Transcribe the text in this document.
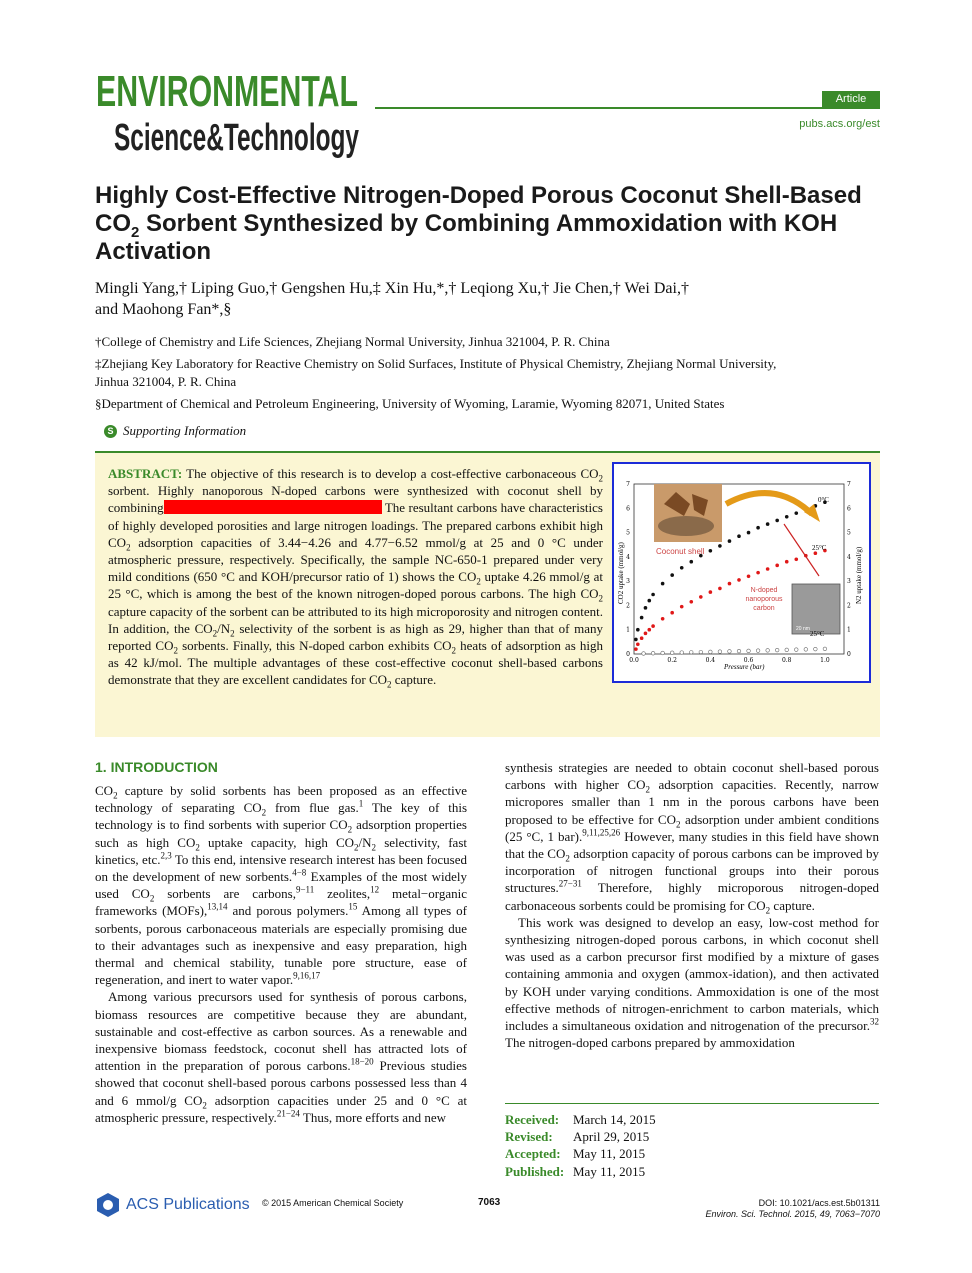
ENVIRONMENTAL
Science&Technology
Article
pubs.acs.org/est
Highly Cost-Effective Nitrogen-Doped Porous Coconut Shell-Based
$CO_2$ Sorbent Synthesized by Combining Ammoxidation with KOH
Activation
Mingli Yang,† Liping Guo,† Gengshen Hu,‡ Xin Hu,*,† Leqiong Xu,† Jie Chen,† Wei Dai,†
and Maohong Fan*,§
†College of Chemistry and Life Sciences, Zhejiang Normal University, Jinhua 321004, P. R. China
‡Zhejiang Key Laboratory for Reactive Chemistry on Solid Surfaces, Institute of Physical Chemistry, Zhejiang Normal University,
Jinhua 321004, P. R. China
§Department of Chemical and Petroleum Engineering, University of Wyoming, Laramie, Wyoming 82071, United States
S Supporting Information
ABSTRACT: The objective of this research is to develop a cost-effective carbonaceous $CO_2$ sorbent. Highly nanoporous N-doped carbons were synthesized with coconut shell by combining	The resultant carbons have characteristics of highly developed porosities and large nitrogen loadings. The prepared carbons exhibit high $CO_2$ adsorption capacities of 3.44−4.26 and 4.77−6.52 mmol/g at 25 and 0 °C under atmospheric pressure, respectively. Specifically, the sample NC-650-1 prepared under very mild conditions (650 °C and KOH/precursor ratio of 1) shows the $CO_2$ uptake 4.26 mmol/g at 25 °C, which is among the best of the known nitrogen-doped porous carbons. The high $CO_2$ capture capacity of the sorbent can be attributed to its high microporosity and nitrogen content. In addition, the $CO_2/N_2$ selectivity of the sorbent is as high as 29, higher than that of many reported $CO_2$ sorbents. Finally, this N-doped carbon exhibits $CO_2$ heats of adsorption as high as 42 kJ/mol. The multiple advantages of these cost-effective coconut shell-based carbons demonstrate that they are excellent candidates for $CO_2$ capture.
0	0
1	1
2	2
3	3
4	4
5	5
6	6
7	7
0.0	0.2	0.4	0.6	0.8	1.0
CO2 uptake (mmol/g)	N2 uptake (mmol/g)
Pressure (bar)
Coconut shell
20 nm
N-doped
nanoporous
carbon
0°C
25°C
25°C
1. INTRODUCTION

$CO_2$ capture by solid sorbents has been proposed as an effective technology of separating $CO_2$ from flue gas.$^1$ The key of this technology is to find sorbents with superior $CO_2$ adsorption properties such as high $CO_2$ uptake capacity, high $CO_2/N_2$ selectivity, fast kinetics, etc.$^{2,3}$ To this end, intensive research interest has been focused on the development of new sorbents.$^{4-8}$ Examples of the most widely used $CO_2$ sorbents are carbons,$^{9-11}$ zeolites,$^{12}$ metal−organic frameworks (MOFs),$^{13,14}$ and porous polymers.$^{15}$ Among all types of sorbents, porous carbonaceous materials are especially promising due to their advantages such as inexpensive and easy preparation, high thermal and chemical stability, tunable pore structure, ease of regeneration, and inert to water vapor.$^{9,16,17}$

Among various precursors used for synthesis of porous carbons, biomass resources are competitive because they are abundant, sustainable and cost-effective as carbon sources. As a renewable and inexpensive biomass feedstock, coconut shell has attracted lots of attention in the preparation of porous carbons.$^{18-20}$ Previous studies showed that coconut shell-based porous carbons possessed less than 4 and 6 mmol/g $CO_2$ adsorption capacities under 25 and 0 °C at atmospheric pressure, respectively.$^{21-24}$ Thus, more efforts and new

synthesis strategies are needed to obtain coconut shell-based porous carbons with higher $CO_2$ adsorption capacities. Recently, narrow micropores smaller than 1 nm in the porous carbons have been proposed to be effective for $CO_2$ adsorption under ambient conditions (25 °C, 1 bar).$^{9,11,25,26}$ However, many studies in this field have shown that the $CO_2$ adsorption capacity of porous carbons can be improved by incorporation of nitrogen functional groups into their porous structures.$^{27-31}$ Therefore, highly microporous nitrogen-doped carbonaceous sorbents could be promising for $CO_2$ capture.

This work was designed to develop an easy, low-cost method for synthesizing nitrogen-doped porous carbons, in which coconut shell was used as a carbon precursor first modified by a mixture of gases containing ammonia and oxygen (ammox-idation), and then activated by KOH under varying conditions. Ammoxidation is one of the most effective methods of nitrogen-enrichment to carbon materials, which includes a simultaneous oxidation and nitrogenation of the precursor.$^{32}$ The nitrogen-doped carbons prepared by ammoxidation

Received: March 14, 2015
Revised: April 29, 2015
Accepted: May 11, 2015
Published: May 11, 2015
ACS Publications © 2015 American Chemical Society	7063	DOI: 10.1021/acs.est.5b01311
Environ. Sci. Technol. 2015, 49, 7063−7070
